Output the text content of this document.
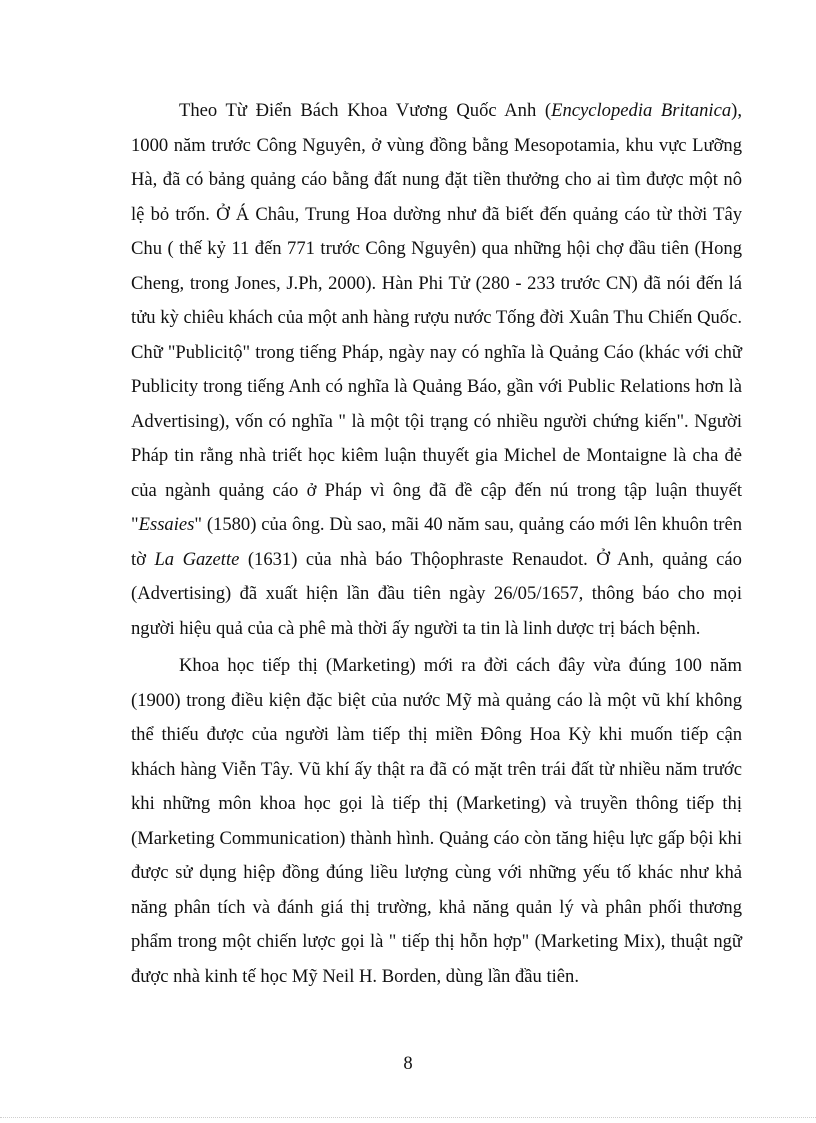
Theo Từ Điển Bách Khoa Vương Quốc Anh (Encyclopedia Britanica), 1000 năm trước Công Nguyên, ở vùng đồng bằng Mesopotamia, khu vực Lưỡng Hà, đã có bảng quảng cáo bằng đất nung đặt tiền thưởng cho ai tìm được một nô lệ bỏ trốn. Ở Á Châu, Trung Hoa dường như đã biết đến quảng cáo từ thời Tây Chu ( thế kỷ 11 đến 771 trước Công Nguyên) qua những hội chợ đầu tiên (Hong Cheng, trong Jones, J.Ph, 2000). Hàn Phi Tử (280 - 233 trước CN) đã nói đến lá tửu kỳ chiêu khách của một anh hàng rượu nước Tống đời Xuân Thu Chiến Quốc. Chữ "Publicitộ" trong tiếng Pháp, ngày nay có nghĩa là Quảng Cáo (khác với chữ Publicity trong tiếng Anh có nghĩa là Quảng Báo, gần với Public Relations hơn là Advertising), vốn có nghĩa " là một tội trạng có nhiều người chứng kiến". Người Pháp tin rằng nhà triết học kiêm luận thuyết gia Michel de Montaigne là cha đẻ của ngành quảng cáo ở Pháp vì ông đã đề cập đến nú trong tập luận thuyết "Essaies" (1580) của ông. Dù sao, mãi 40 năm sau, quảng cáo mới lên khuôn trên tờ La Gazette (1631) của nhà báo Thộophraste Renaudot. Ở Anh, quảng cáo (Advertising) đã xuất hiện lần đầu tiên ngày 26/05/1657, thông báo cho mọi người hiệu quả của cà phê mà thời ấy người ta tin là linh dược trị bách bệnh.

Khoa học tiếp thị (Marketing) mới ra đời cách đây vừa đúng 100 năm (1900) trong điều kiện đặc biệt của nước Mỹ mà quảng cáo là một vũ khí không thể thiếu được của người làm tiếp thị miền Đông Hoa Kỳ khi muốn tiếp cận khách hàng Viễn Tây. Vũ khí ấy thật ra đã có mặt trên trái đất từ nhiều năm trước khi những môn khoa học gọi là tiếp thị (Marketing) và truyền thông tiếp thị (Marketing Communication) thành hình. Quảng cáo còn tăng hiệu lực gấp bội khi được sử dụng hiệp đồng đúng liều lượng cùng với những yếu tố khác như khả năng phân tích và đánh giá thị trường, khả năng quản lý và phân phối thương phẩm trong một chiến lược gọi là " tiếp thị hỗn hợp" (Marketing Mix), thuật ngữ được nhà kinh tế học Mỹ Neil H. Borden, dùng lần đầu tiên.

8
